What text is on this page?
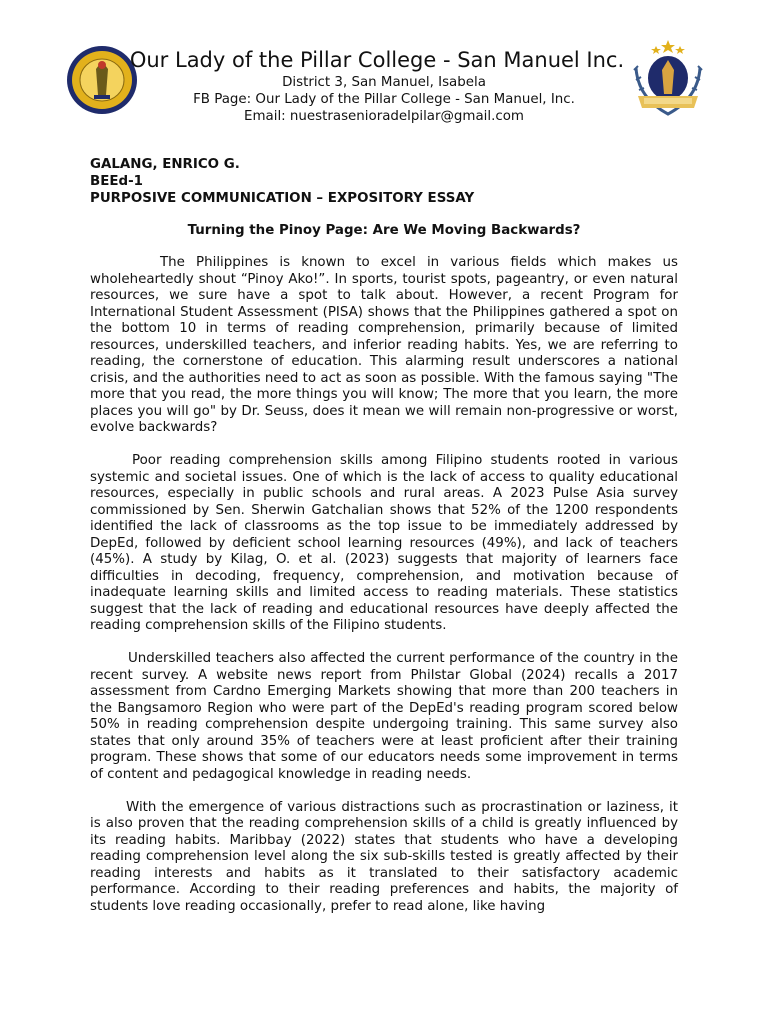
Our Lady of the Pillar College - San Manuel Inc.
District 3, San Manuel, Isabela
FB Page: Our Lady of the Pillar College - San Manuel, Inc.
Email: nuestrasenioradelpilar@gmail.com
GALANG, ENRICO G.
BEEd-1
PURPOSIVE COMMUNICATION – EXPOSITORY ESSAY
Turning the Pinoy Page: Are We Moving Backwards?

The Philippines is known to excel in various fields which makes us wholeheartedly shout “Pinoy Ako!”. In sports, tourist spots, pageantry, or even natural resources, we sure have a spot to talk about. However, a recent Program for International Student Assessment (PISA) shows that the Philippines gathered a spot on the bottom 10 in terms of reading comprehension, primarily because of limited resources, underskilled teachers, and inferior reading habits. Yes, we are referring to reading, the cornerstone of education. This alarming result underscores a national crisis, and the authorities need to act as soon as possible. With the famous saying "The more that you read, the more things you will know; The more that you learn, the more places you will go" by Dr. Seuss, does it mean we will remain non-progressive or worst, evolve backwards?

Poor reading comprehension skills among Filipino students rooted in various systemic and societal issues. One of which is the lack of access to quality educational resources, especially in public schools and rural areas. A 2023 Pulse Asia survey commissioned by Sen. Sherwin Gatchalian shows that 52% of the 1200 respondents identified the lack of classrooms as the top issue to be immediately addressed by DepEd, followed by deficient school learning resources (49%), and lack of teachers (45%). A study by Kilag, O. et al. (2023) suggests that majority of learners face difficulties in decoding, frequency, comprehension, and motivation because of inadequate learning skills and limited access to reading materials. These statistics suggest that the lack of reading and educational resources have deeply affected the reading comprehension skills of the Filipino students.

Underskilled teachers also affected the current performance of the country in the recent survey. A website news report from Philstar Global (2024) recalls a 2017 assessment from Cardno Emerging Markets showing that more than 200 teachers in the Bangsamoro Region who were part of the DepEd's reading program scored below 50% in reading comprehension despite undergoing training. This same survey also states that only around 35% of teachers were at least proficient after their training program. These shows that some of our educators needs some improvement in terms of content and pedagogical knowledge in reading needs.

With the emergence of various distractions such as procrastination or laziness, it is also proven that the reading comprehension skills of a child is greatly influenced by its reading habits. Maribbay (2022) states that students who have a developing reading comprehension level along the six sub-skills tested is greatly affected by their reading interests and habits as it translated to their satisfactory academic performance. According to their reading preferences and habits, the majority of students love reading occasionally, prefer to read alone, like having
